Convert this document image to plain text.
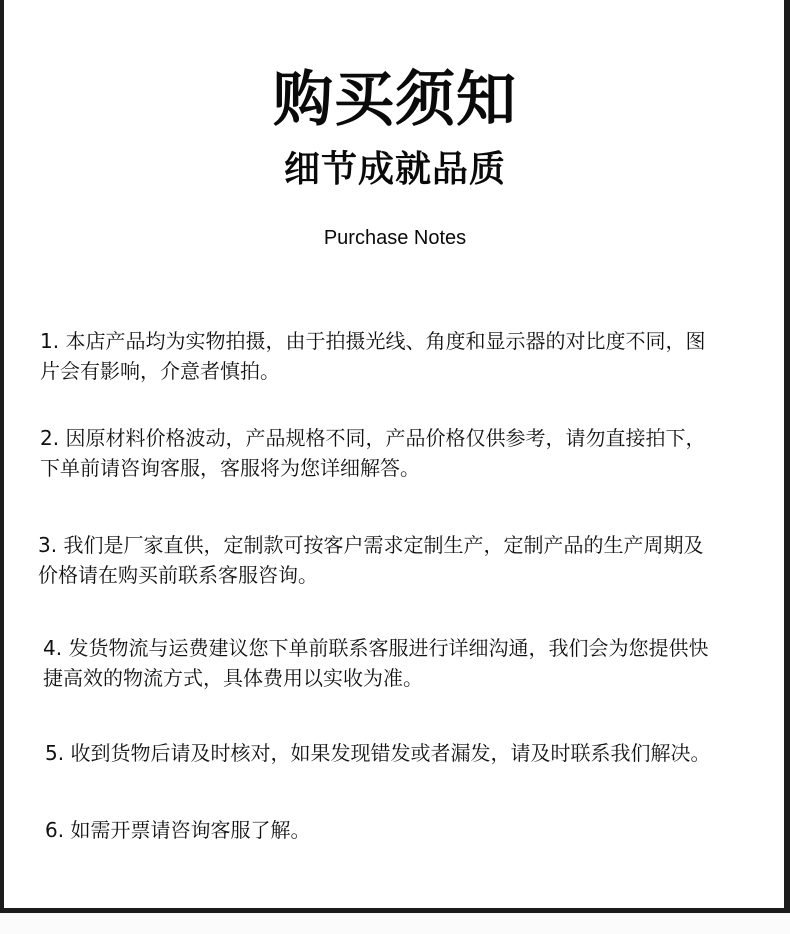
购买须知
细节成就品质
Purchase Notes
1. 本店产品均为实物拍摄，由于拍摄光线、角度和显示器的对比度不同，图
片会有影响，介意者慎拍。
2. 因原材料价格波动，产品规格不同，产品价格仅供参考，请勿直接拍下，
下单前请咨询客服，客服将为您详细解答。
3. 我们是厂家直供，定制款可按客户需求定制生产，定制产品的生产周期及
价格请在购买前联系客服咨询。
4. 发货物流与运费建议您下单前联系客服进行详细沟通，我们会为您提供快
捷高效的物流方式，具体费用以实收为准。
5. 收到货物后请及时核对，如果发现错发或者漏发，请及时联系我们解决。
6. 如需开票请咨询客服了解。
